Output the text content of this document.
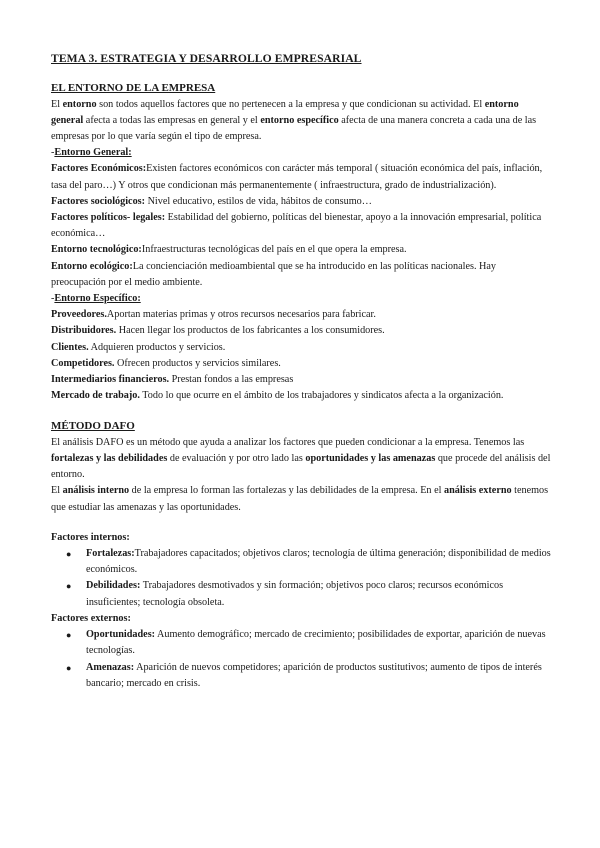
TEMA 3. ESTRATEGIA Y DESARROLLO EMPRESARIAL
EL ENTORNO DE LA EMPRESA

El entorno son todos aquellos factores que no pertenecen a la empresa y que condicionan su actividad. El entorno general afecta a todas las empresas en general y el entorno específico afecta de una manera concreta a cada una de las empresas por lo que varía según el tipo de empresa.

-Entorno General:

Factores Económicos:Existen factores económicos con carácter más temporal ( situación económica del país, inflación, tasa del paro…) Y otros que condicionan más permanentemente ( infraestructura, grado de industrialización).

Factores sociológicos: Nivel educativo, estilos de vida, hábitos de consumo…

Factores políticos- legales: Estabilidad del gobierno, políticas del bienestar, apoyo a la innovación empresarial, política económica…

Entorno tecnológico:Infraestructuras tecnológicas del país en el que opera la empresa.

Entorno ecológico:La concienciación medioambiental que se ha introducido en las políticas nacionales. Hay preocupación por el medio ambiente.

-Entorno Específico:

Proveedores.Aportan materias primas y otros recursos necesarios para fabricar.

Distribuidores. Hacen llegar los productos de los fabricantes a los consumidores.

Clientes. Adquieren productos y servicios.

Competidores. Ofrecen productos y servicios similares.

Intermediarios financieros. Prestan fondos a las empresas

Mercado de trabajo. Todo lo que ocurre en el ámbito de los trabajadores y sindicatos afecta a la organización.

MÉTODO DAFO

El análisis DAFO es un método que ayuda a analizar los factores que pueden condicionar a la empresa. Tenemos las fortalezas y las debilidades de evaluación y por otro lado las oportunidades y las amenazas que procede del análisis del entorno.

El análisis interno de la empresa lo forman las fortalezas y las debilidades de la empresa. En el análisis externo tenemos que estudiar las amenazas y las oportunidades.

Factores internos:

● Fortalezas:Trabajadores capacitados; objetivos claros; tecnología de última generación; disponibilidad de medios económicos.
● Debilidades: Trabajadores desmotivados y sin formación; objetivos poco claros; recursos económicos insuficientes; tecnología obsoleta.

Factores externos:

● Oportunidades: Aumento demográfico; mercado de crecimiento; posibilidades de exportar, aparición de nuevas tecnologías.
● Amenazas: Aparición de nuevos competidores; aparición de productos sustitutivos; aumento de tipos de interés bancario; mercado en crisis.
